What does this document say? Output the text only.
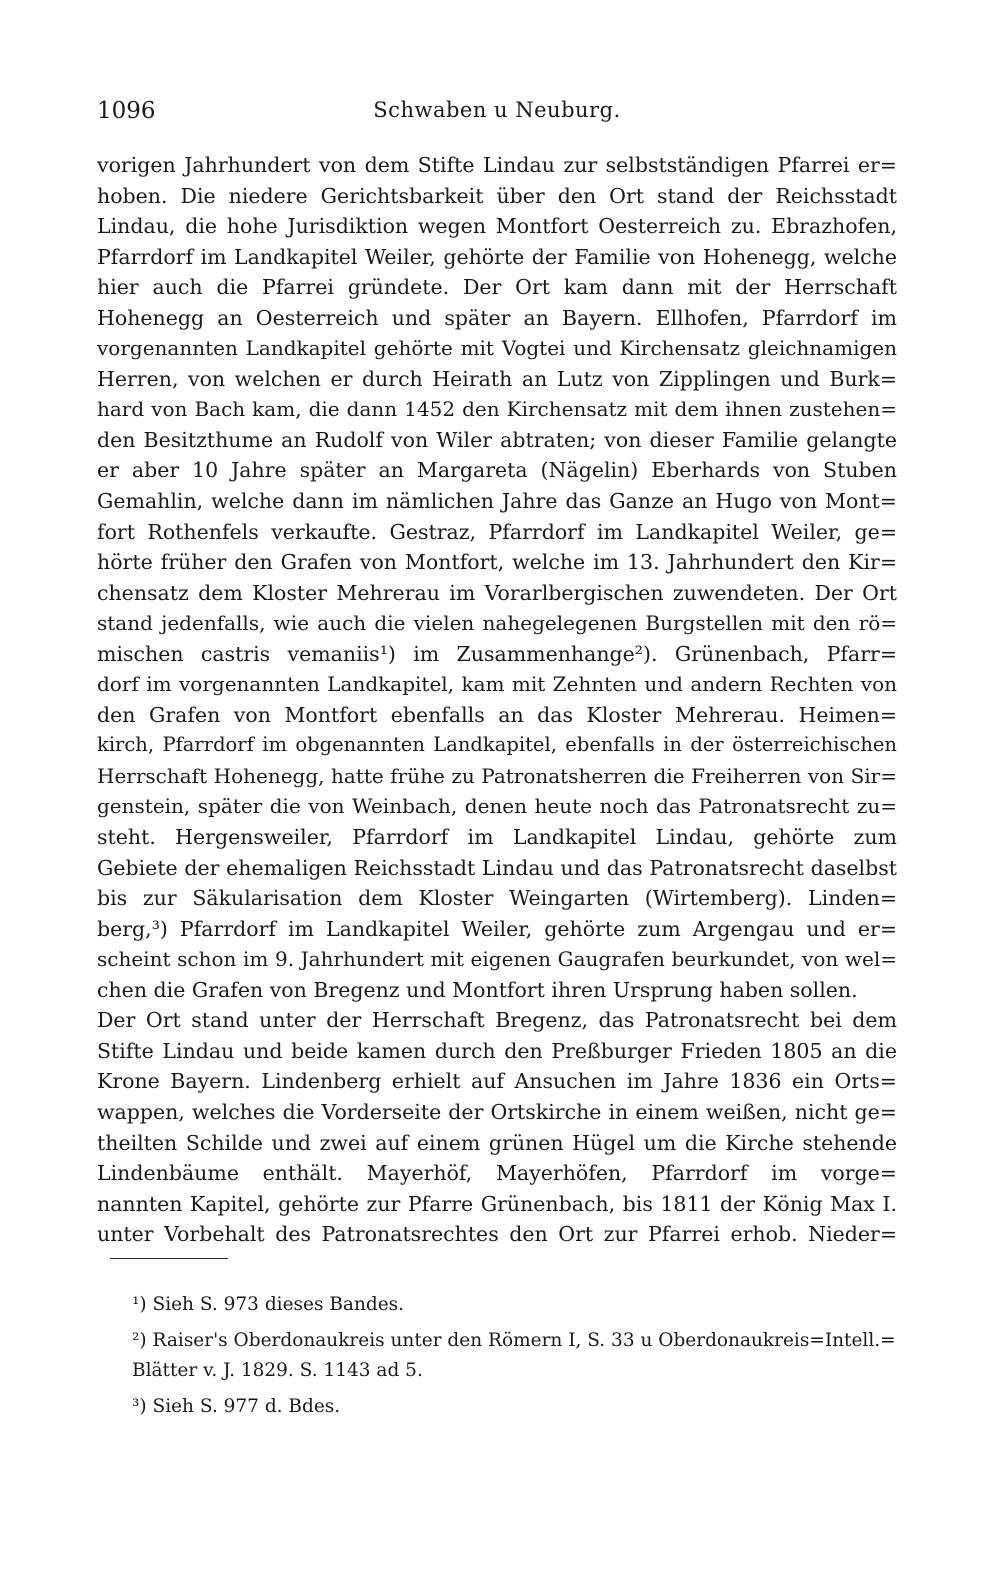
1096	Schwaben u Neuburg.
vorigen Jahrhundert von dem Stifte Lindau zur selbstständigen Pfarrei er=
hoben. Die niedere Gerichtsbarkeit über den Ort stand der Reichsstadt
Lindau, die hohe Jurisdiktion wegen Montfort Oesterreich zu. Ebrazhofen,
Pfarrdorf im Landkapitel Weiler, gehörte der Familie von Hohenegg, welche
hier auch die Pfarrei gründete. Der Ort kam dann mit der Herrschaft
Hohenegg an Oesterreich und später an Bayern. Ellhofen, Pfarrdorf im
vorgenannten Landkapitel gehörte mit Vogtei und Kirchensatz gleichnamigen
Herren, von welchen er durch Heirath an Lutz von Zipplingen und Burk=
hard von Bach kam, die dann 1452 den Kirchensatz mit dem ihnen zustehen=
den Besitzthume an Rudolf von Wiler abtraten; von dieser Familie gelangte
er aber 10 Jahre später an Margareta (Nägelin) Eberhards von Stuben
Gemahlin, welche dann im nämlichen Jahre das Ganze an Hugo von Mont=
fort Rothenfels verkaufte. Gestraz, Pfarrdorf im Landkapitel Weiler, ge=
hörte früher den Grafen von Montfort, welche im 13. Jahrhundert den Kir=
chensatz dem Kloster Mehrerau im Vorarlbergischen zuwendeten. Der Ort
stand jedenfalls, wie auch die vielen nahegelegenen Burgstellen mit den rö=
mischen castris vemaniis¹) im Zusammenhange²). Grünenbach, Pfarr=
dorf im vorgenannten Landkapitel, kam mit Zehnten und andern Rechten von
den Grafen von Montfort ebenfalls an das Kloster Mehrerau. Heimen=
kirch, Pfarrdorf im obgenannten Landkapitel, ebenfalls in der österreichischen
Herrschaft Hohenegg, hatte frühe zu Patronatsherren die Freiherren von Sir=
genstein, später die von Weinbach, denen heute noch das Patronatsrecht zu=
steht. Hergensweiler, Pfarrdorf im Landkapitel Lindau, gehörte zum
Gebiete der ehemaligen Reichsstadt Lindau und das Patronatsrecht daselbst
bis zur Säkularisation dem Kloster Weingarten (Wirtemberg). Linden=
berg,³) Pfarrdorf im Landkapitel Weiler, gehörte zum Argengau und er=
scheint schon im 9. Jahrhundert mit eigenen Gaugrafen beurkundet, von wel=
chen die Grafen von Bregenz und Montfort ihren Ursprung haben sollen.
Der Ort stand unter der Herrschaft Bregenz, das Patronatsrecht bei dem
Stifte Lindau und beide kamen durch den Preßburger Frieden 1805 an die
Krone Bayern. Lindenberg erhielt auf Ansuchen im Jahre 1836 ein Orts=
wappen, welches die Vorderseite der Ortskirche in einem weißen, nicht ge=
theilten Schilde und zwei auf einem grünen Hügel um die Kirche stehende
Lindenbäume enthält. Mayerhöf, Mayerhöfen, Pfarrdorf im vorge=
nannten Kapitel, gehörte zur Pfarre Grünenbach, bis 1811 der König Max I.
unter Vorbehalt des Patronatsrechtes den Ort zur Pfarrei erhob. Nieder=
¹) Sieh S. 973 dieses Bandes.
²) Raiser's Oberdonaukreis unter den Römern I, S. 33 u Oberdonaukreis=Intell.=
Blätter v. J. 1829. S. 1143 ad 5.
³) Sieh S. 977 d. Bdes.
